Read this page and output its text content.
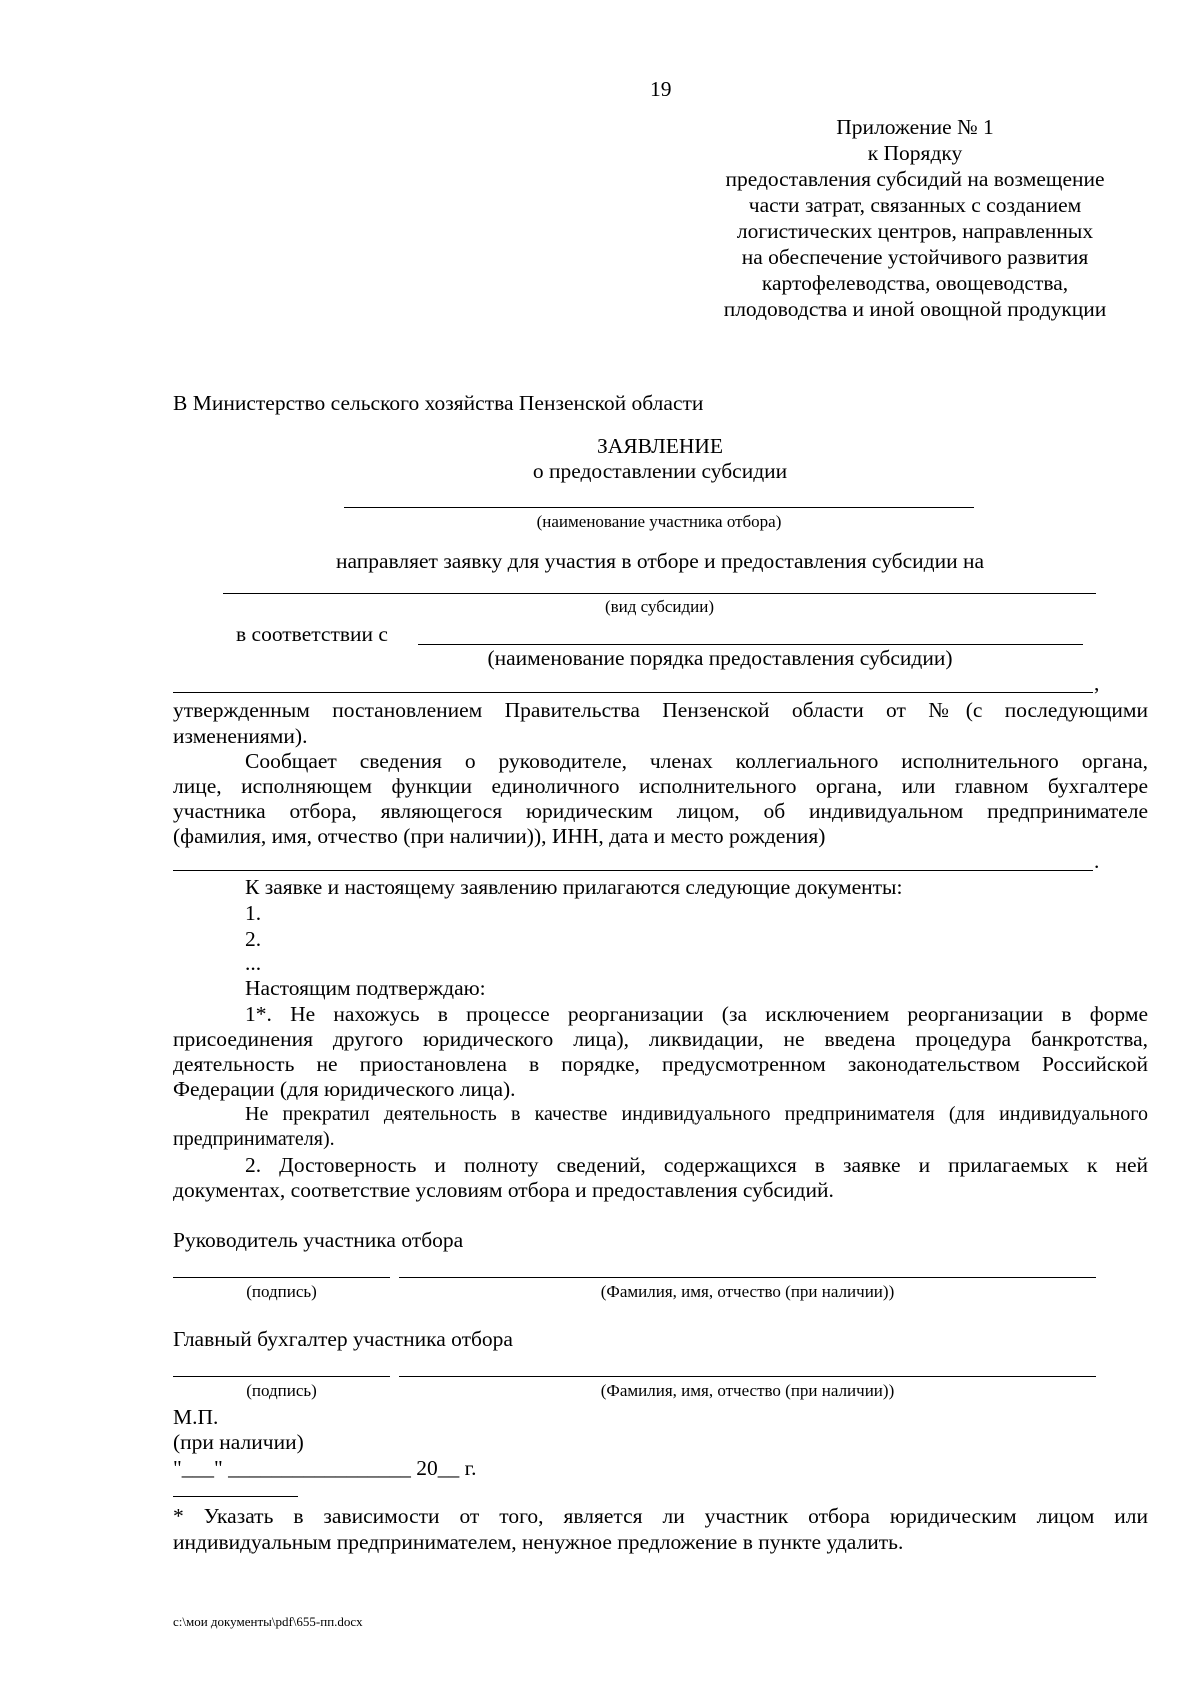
19
Приложение № 1
к Порядку
предоставления субсидий на возмещение
части затрат, связанных с созданием
логистических центров, направленных
на обеспечение устойчивого развития
картофелеводства, овощеводства,
плодоводства и иной овощной продукции
В Министерство сельского хозяйства Пензенской области
ЗАЯВЛЕНИЕ
о предоставлении субсидии
(наименование участника отбора)
направляет заявку для участия в отборе и предоставления субсидии на
(вид субсидии)
в соответствии с
(наименование порядка предоставления субсидии)
,
утвержденным постановлением Правительства Пензенской области от №(с последующими
изменениями).
Сообщает сведения о руководителе, членах коллегиального исполнительного органа,
лице, исполняющем функции единоличного исполнительного органа, или главном бухгалтере
участника отбора, являющегося юридическим лицом, об индивидуальном предпринимателе
(фамилия, имя, отчество (при наличии)), ИНН, дата и место рождения)
.
К заявке и настоящему заявлению прилагаются следующие документы:
1.
2.
...
Настоящим подтверждаю:
1*. Не нахожусь в процессе реорганизации (за исключением реорганизации в форме
присоединения другого юридического лица), ликвидации, не введена процедура банкротства,
деятельность не приостановлена в порядке, предусмотренном законодательством Российской
Федерации (для юридического лица).
Не прекратил деятельность в качестве индивидуального предпринимателя (для индивидуального
предпринимателя).
2. Достоверность и полноту сведений, содержащихся в заявке и прилагаемых к ней
документах, соответствие условиям отбора и предоставления субсидий.
Руководитель участника отбора
(подпись)	(Фамилия, имя, отчество (при наличии))
Главный бухгалтер участника отбора
(подпись)	(Фамилия, имя, отчество (при наличии))
М.П.
(при наличии)
"___" _________________ 20__ г.
* Указать в зависимости от того, является ли участник отбора юридическим лицом или
индивидуальным предпринимателем, ненужное предложение в пункте удалить.
c:\мои документы\pdf\655-пп.docx
